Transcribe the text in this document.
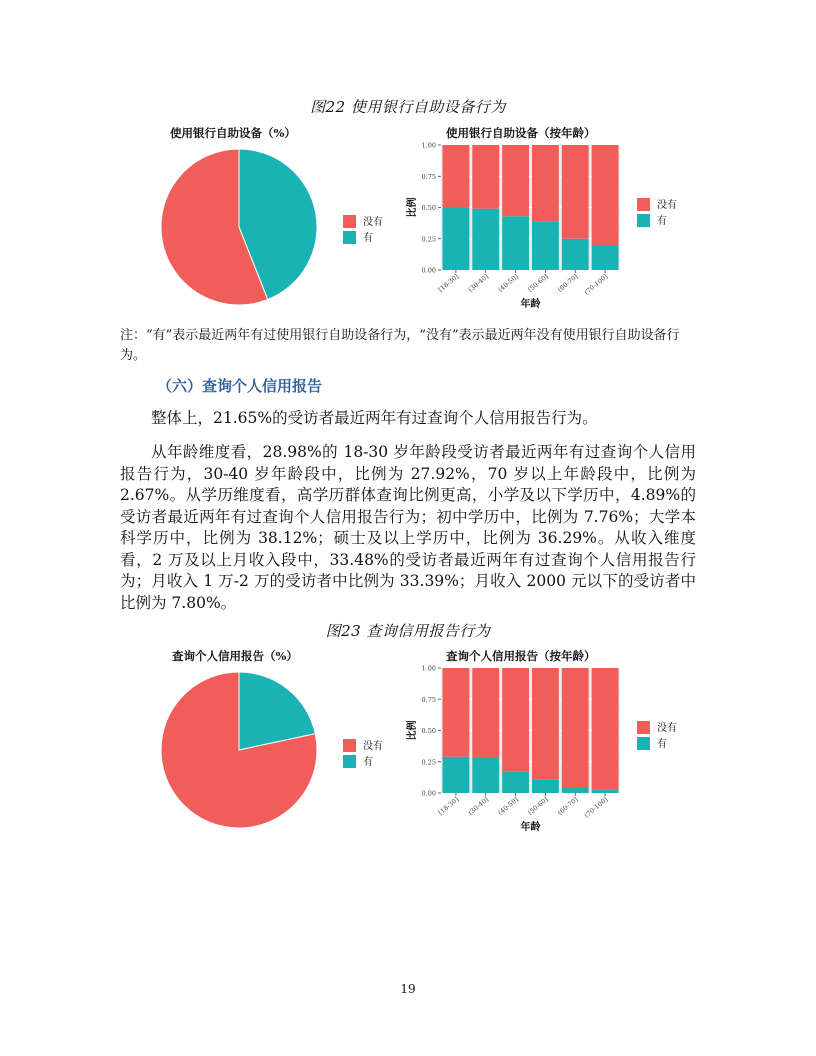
图22 使用银行自助设备行为
使用银行自助设备（%）	使用银行自助设备（按年龄）
没有
有
0.00
0.25
0.50
0.75
1.00
[18-30] (30-40] (40-50] (50-60] (60-70] (70-100]
年龄
比例	没有
有
注：“有”表示最近两年有过使用银行自助设备行为，“没有”表示最近两年没有使用银行自助设备行为。
（六）查询个人信用报告
整体上，21.65%的受访者最近两年有过查询个人信用报告行为。
从年龄维度看，28.98%的 18-30 岁年龄段受访者最近两年有过查询个人信用报告行为，30-40 岁年龄段中，比例为 27.92%，70 岁以上年龄段中，比例为 2.67%。从学历维度看，高学历群体查询比例更高，小学及以下学历中，4.89%的受访者最近两年有过查询个人信用报告行为；初中学历中，比例为 7.76%；大学本科学历中，比例为 38.12%；硕士及以上学历中，比例为 36.29%。从收入维度看，2 万及以上月收入段中，33.48%的受访者最近两年有过查询个人信用报告行为；月收入 1 万-2 万的受访者中比例为 33.39%；月收入 2000 元以下的受访者中比例为 7.80%。
图23 查询信用报告行为
查询个人信用报告（%）	查询个人信用报告（按年龄）
没有
有
0.00
0.25
0.50
0.75
1.00
[18-30] (30-40] (40-50] (50-60] (60-70] (70-100]
年龄
比例	没有
有
19
